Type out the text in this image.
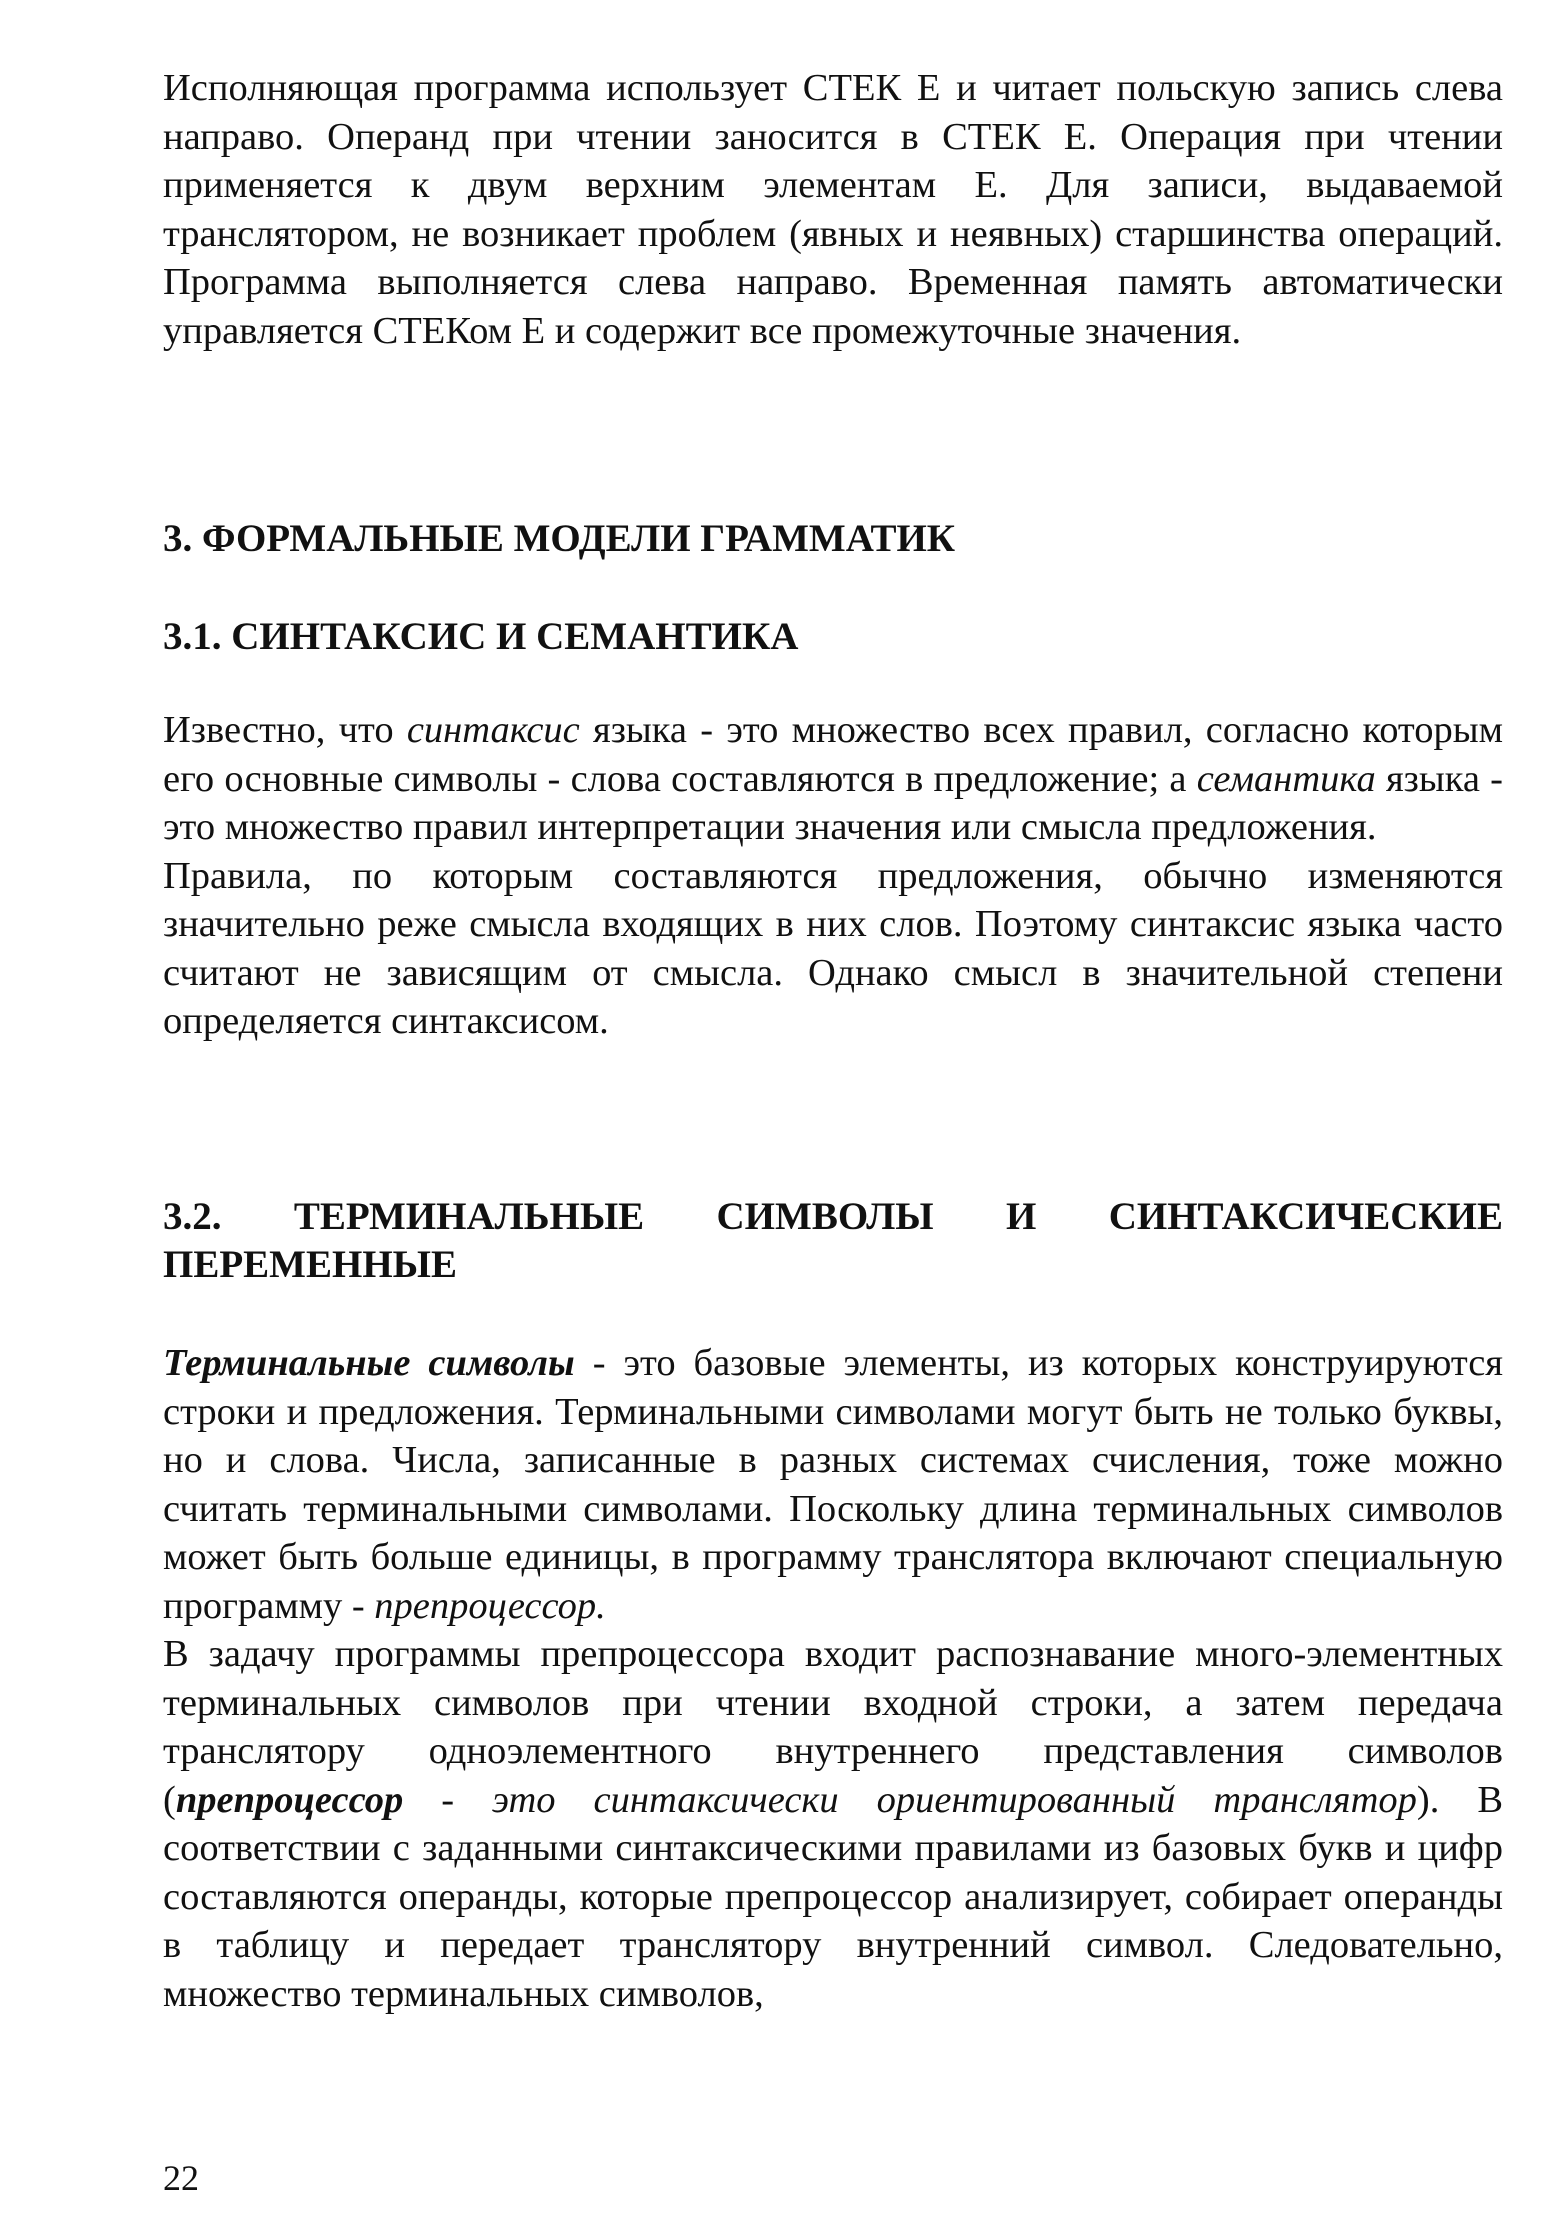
Исполняющая программа использует СТЕК Е и читает польскую запись слева направо. Операнд при чтении заносится в СТЕК Е. Операция при чтении применяется к двум верхним элементам Е. Для записи, выдаваемой транслятором, не возникает проблем (явных и неявных) старшинства операций. Программа выполняется слева направо. Временная память автоматически управляется СТЕКом Е и содержит все промежуточные значения.

3. ФОРМАЛЬНЫЕ МОДЕЛИ ГРАММАТИК
3.1. СИНТАКСИС И СЕМАНТИКА

Известно, что синтаксис языка - это множество всех правил, согласно которым его основные символы - слова составляются в предложение; а семантика языка - это множество правил интерпретации значения или смысла предложения.

Правила, по которым составляются предложения, обычно изменяются значительно реже смысла входящих в них слов. Поэтому синтаксис языка часто считают не зависящим от смысла. Однако смысл в значительной степени определяется синтаксисом.

3.2. ТЕРМИНАЛЬНЫЕ СИМВОЛЫ И СИНТАКСИЧЕСКИЕ ПЕРЕМЕННЫЕ

Терминальные символы - это базовые элементы, из которых конструируются строки и предложения. Терминальными символами могут быть не только буквы, но и слова. Числа, записанные в разных системах счисления, тоже можно считать терминальными символами. Поскольку длина терминальных символов может быть больше единицы, в программу транслятора включают специальную программу - препроцессор.

В задачу программы препроцессора входит распознавание много-элементных терминальных символов при чтении входной строки, а затем передача транслятору одноэлементного внутреннего представления символов (препроцессор - это синтаксически ориентированный транслятор). В соответствии с заданными синтаксическими правилами из базовых букв и цифр составляются операнды, которые препроцессор анализирует, собирает операнды в таблицу и передает транслятору внутренний символ. Следовательно, множество терминальных символов,

22
